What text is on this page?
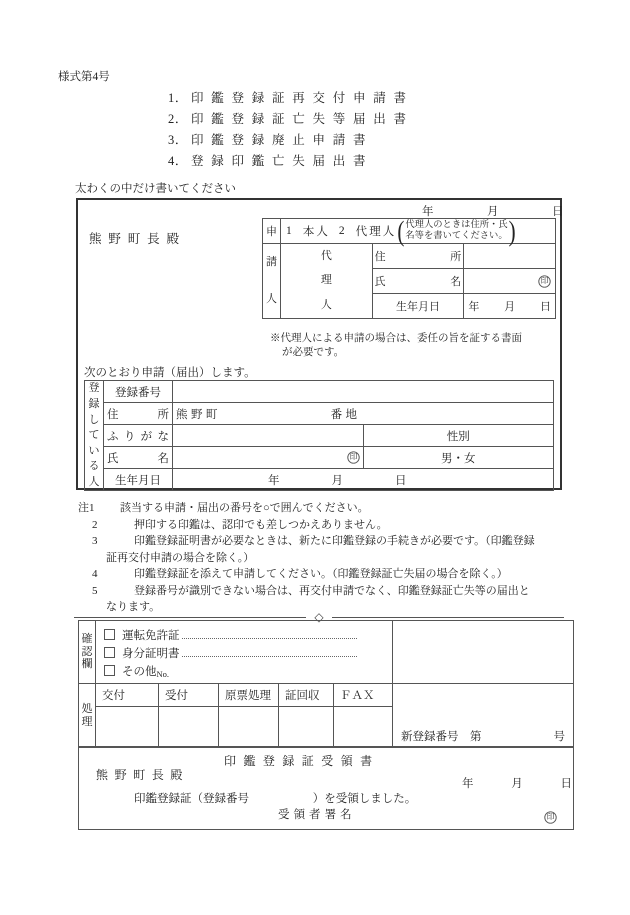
様式第4号
1． 印鑑登録証再交付申請書
2． 印鑑登録証亡失等届出書
3． 印鑑登録廃止申請書
4． 登録印鑑亡失届出書
太わくの中だけ書いてください
年	月	日
熊野町長殿	申	1 本人 2 代理人 ( 代理人のときは住所・氏
名等を書いてください。 )

請
人	代
理
人	住所	
		氏名	印

		生年月日	年 月 日
※代理人による申請の場合は、委任の旨を証する書面
が必要です。
次のとおり申請（届出）します。
登
録
し
て
い
る
人
	登録番号	
	住所	熊野町 番地	
	ふりがな		性別
	氏名	印	男・女
	生年月日	年 月 日	
注1	該当する申請・届出の番号を○で囲んでください。
2	押印する印鑑は、認印でも差しつかえありません。
3	印鑑登録証明書が必要なときは、新たに印鑑登録の手続きが必要です。（印鑑登録
証再交付申請の場合を除く。）
4	印鑑登録証を添えて申請してください。（印鑑登録証亡失届の場合を除く。）
5	登録番号が識別できない場合は、再交付申請でなく、印鑑登録証亡失等の届出と
なります。
◇
確
認
欄

運転免許証
身分証明書
その他 No.

処
理	交付	受付	原票処理	証回収	ＦＡＸ	新登録番号　第 号

印鑑登録証受領書
熊野町長殿
年	月	日
印鑑登録証（登録番号	）を受領しました。
受領者署名	印
